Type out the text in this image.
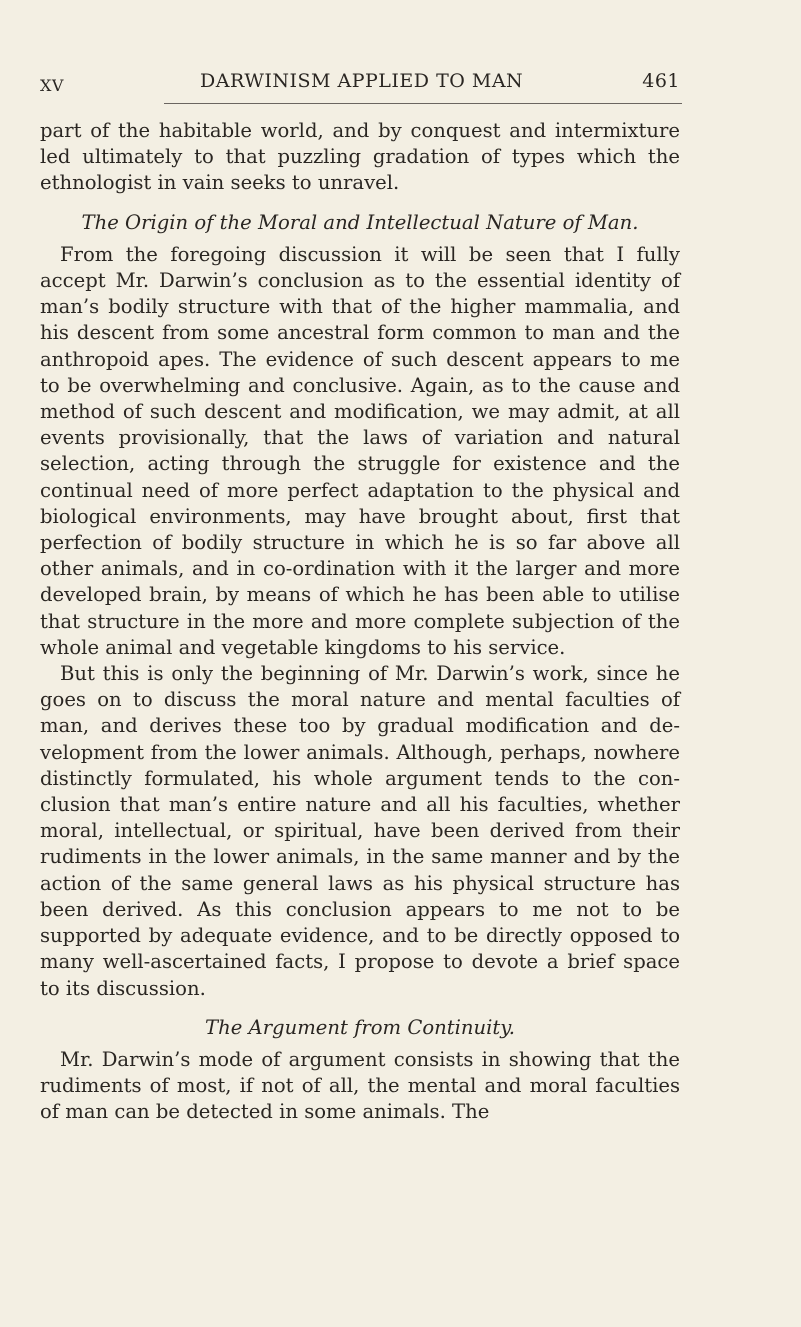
XV	DARWINISM APPLIED TO MAN	461

part of the habitable world, and by conquest and intermixture led ultimately to that puzzling gradation of types which the ethnologist in vain seeks to unravel.

The Origin of the Moral and Intellectual Nature of Man.

From the foregoing discussion it will be seen that I fully accept Mr. Darwin’s conclusion as to the essential identity of man’s bodily structure with that of the higher mammalia, and his descent from some ancestral form common to man and the anthropoid apes. The evidence of such descent appears to me to be overwhelming and conclusive. Again, as to the cause and method of such descent and modification, we may admit, at all events provisionally, that the laws of variation and natural selection, acting through the struggle for existence and the continual need of more perfect adaptation to the physical and biological environments, may have brought about, first that perfection of bodily structure in which he is so far above all other animals, and in co-ordination with it the larger and more developed brain, by means of which he has been able to utilise that structure in the more and more complete subjection of the whole animal and vegetable kingdoms to his service.

But this is only the beginning of Mr. Darwin’s work, since he goes on to discuss the moral nature and mental faculties of man, and derives these too by gradual modification and development from the lower animals. Although, perhaps, nowhere distinctly formulated, his whole argument tends to the conclusion that man’s entire nature and all his faculties, whether moral, intellectual, or spiritual, have been derived from their rudiments in the lower animals, in the same manner and by the action of the same general laws as his physical structure has been derived. As this conclusion appears to me not to be supported by adequate evidence, and to be directly opposed to many well-ascertained facts, I propose to devote a brief space to its discussion.

The Argument from Continuity.

Mr. Darwin’s mode of argument consists in showing that the rudiments of most, if not of all, the mental and moral faculties of man can be detected in some animals. The
